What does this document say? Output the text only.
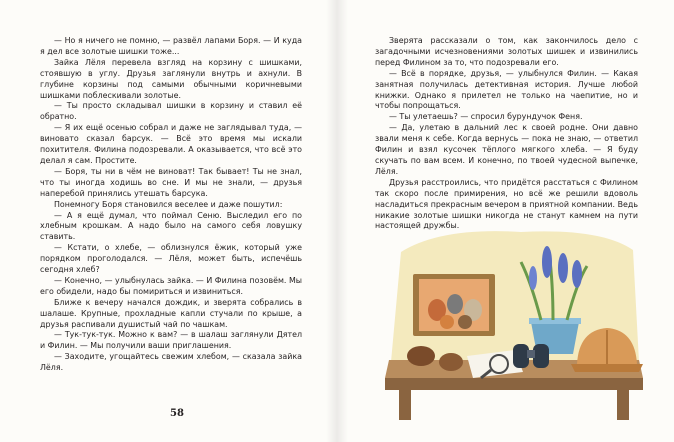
— Но я ничего не помню, — развёл лапами Боря. — И куда я дел все золотые шишки тоже...

Зайка Лёля перевела взгляд на корзину с шишками, стоявшую в углу. Друзья заглянули внутрь и ахнули. В глубине корзины под самыми обычными коричневыми шишками поблескивали золотые.

— Ты просто складывал шишки в корзину и ставил её обратно.

— Я их ещё осенью собрал и даже не заглядывал туда, — виновато сказал барсук. — Всё это время мы искали похитителя. Филина подозревали. А оказывается, что всё это делал я сам. Простите.

— Боря, ты ни в чём не виноват! Так бывает! Ты не знал, что ты иногда ходишь во сне. И мы не знали, — друзья наперебой принялись утешать барсука.

Понемногу Боря становился веселее и даже пошутил:

— А я ещё думал, что поймал Сеню. Выследил его по хлебным крошкам. А надо было на самого себя ловушку ставить.

— Кстати, о хлебе, — облизнулся ёжик, который уже порядком проголодался. — Лёля, может быть, испечёшь сегодня хлеб?

— Конечно, — улыбнулась зайка. — И Филина позовём. Мы его обидели, надо бы помириться и извиниться.

Ближе к вечеру начался дождик, и зверята собрались в шалаше. Крупные, прохладные капли стучали по крыше, а друзья распивали душистый чай по чашкам.

— Тук-тук-тук. Можно к вам? — в шалаш заглянули Дятел и Филин. — Мы получили ваши приглашения.

— Заходите, угощайтесь свежим хлебом, — сказала зайка Лёля.

58

Зверята рассказали о том, как закончилось дело с загадочными исчезновениями золотых шишек и извинились перед Филином за то, что подозревали его.

— Всё в порядке, друзья, — улыбнулся Филин. — Какая занятная получилась детективная история. Лучше любой книжки. Однако я прилетел не только на чаепитие, но и чтобы попрощаться.

— Ты улетаешь? — спросил бурундучок Феня.

— Да, улетаю в дальний лес к своей родне. Они давно звали меня к себе. Когда вернусь — пока не знаю, — ответил Филин и взял кусочек тёплого мягкого хлеба. — Я буду скучать по вам всем. И конечно, по твоей чудесной выпечке, Лёля.

Друзья расстроились, что придётся расстаться с Филином так скоро после примирения, но всё же решили вдоволь насладиться прекрасным вечером в приятной компании. Ведь никакие золотые шишки никогда не станут камнем на пути настоящей дружбы.
